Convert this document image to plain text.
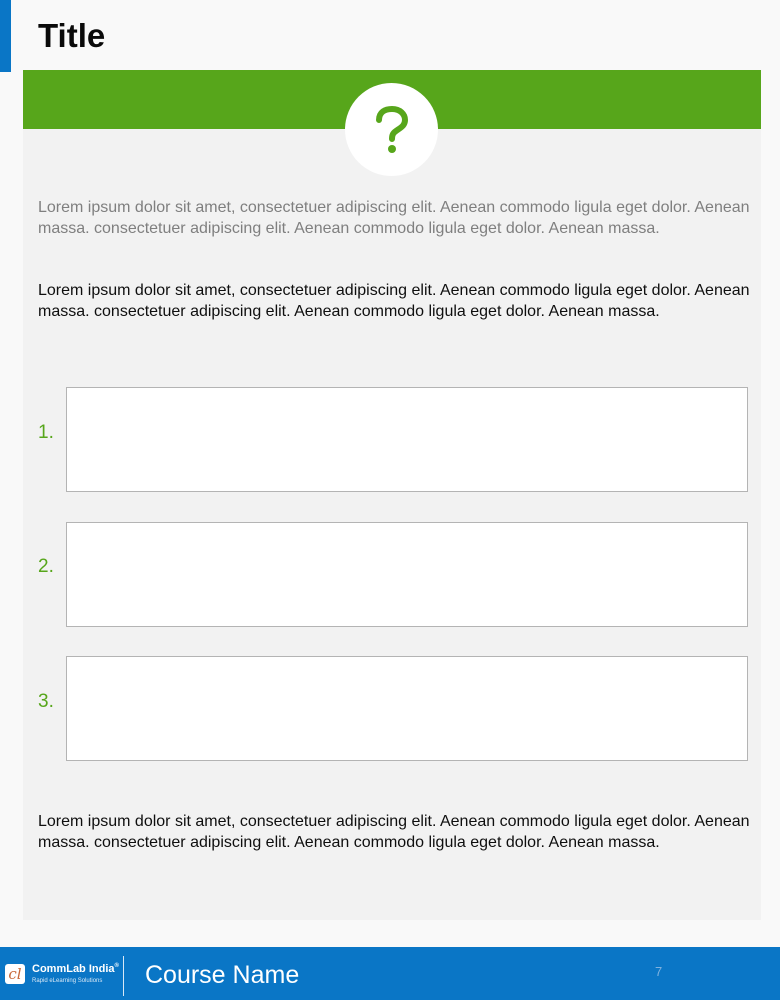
Title

Lorem ipsum dolor sit amet, consectetuer adipiscing elit. Aenean commodo ligula eget dolor. Aenean massa. consectetuer adipiscing elit. Aenean commodo ligula eget dolor. Aenean massa.

Lorem ipsum dolor sit amet, consectetuer adipiscing elit. Aenean commodo ligula eget dolor. Aenean massa. consectetuer adipiscing elit. Aenean commodo ligula eget dolor. Aenean massa.

1.
2.
3.

Lorem ipsum dolor sit amet, consectetuer adipiscing elit. Aenean commodo ligula eget dolor. Aenean massa. consectetuer adipiscing elit. Aenean commodo ligula eget dolor. Aenean massa.

cl CommLab India®
Rapid eLearning Solutions Course Name	7
